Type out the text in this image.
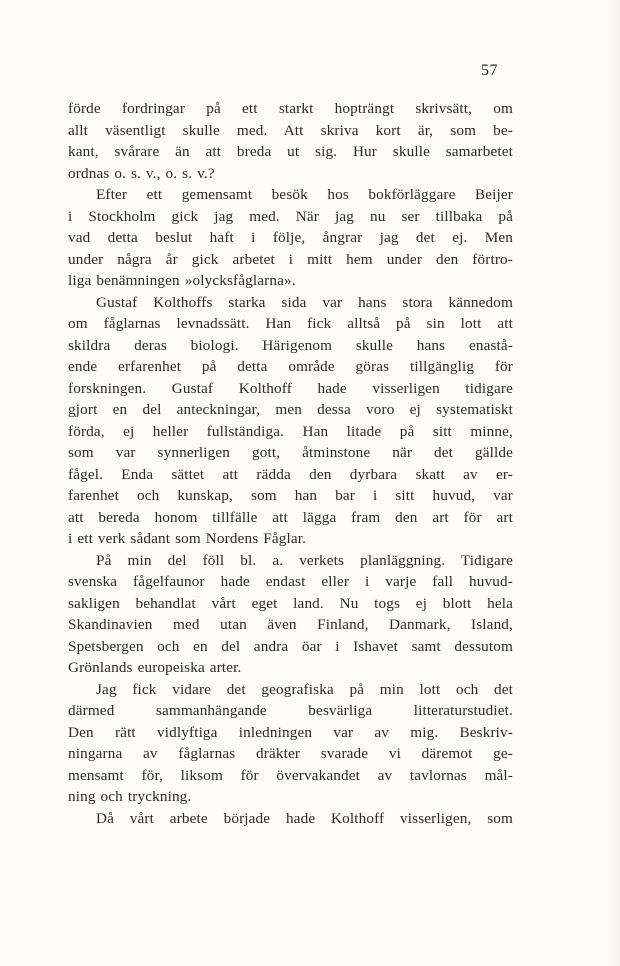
57
förde fordringar på ett starkt hopträngt skrivsätt, om
allt väsentligt skulle med. Att skriva kort är, som be-
kant, svårare än att breda ut sig. Hur skulle samarbetet
ordnas o. s. v., o. s. v.?
Efter ett gemensamt besök hos bokförläggare Beijer
i Stockholm gick jag med. När jag nu ser tillbaka på
vad detta beslut haft i följe, ångrar jag det ej. Men
under några år gick arbetet i mitt hem under den förtro-
liga benämningen »olycksfåglarna».
Gustaf Kolthoffs starka sida var hans stora kännedom
om fåglarnas levnadssätt. Han fick alltså på sin lott att
skildra deras biologi. Härigenom skulle hans enastå-
ende erfarenhet på detta område göras tillgänglig för
forskningen. Gustaf Kolthoff hade visserligen tidigare
gjort en del anteckningar, men dessa voro ej systematiskt
förda, ej heller fullständiga. Han litade på sitt minne,
som var synnerligen gott, åtminstone när det gällde
fågel. Enda sättet att rädda den dyrbara skatt av er-
farenhet och kunskap, som han bar i sitt huvud, var
att bereda honom tillfälle att lägga fram den art för art
i ett verk sådant som Nordens Fåglar.
På min del föll bl. a. verkets planläggning. Tidigare
svenska fågelfaunor hade endast eller i varje fall huvud-
sakligen behandlat vårt eget land. Nu togs ej blott hela
Skandinavien med utan även Finland, Danmark, Island,
Spetsbergen och en del andra öar i Ishavet samt dessutom
Grönlands europeiska arter.
Jag fick vidare det geografiska på min lott och det
därmed sammanhängande besvärliga litteraturstudiet.
Den rätt vidlyftiga inledningen var av mig. Beskriv-
ningarna av fåglarnas dräkter svarade vi däremot ge-
mensamt för, liksom för övervakandet av tavlornas mål-
ning och tryckning.
Då vårt arbete började hade Kolthoff visserligen, som
